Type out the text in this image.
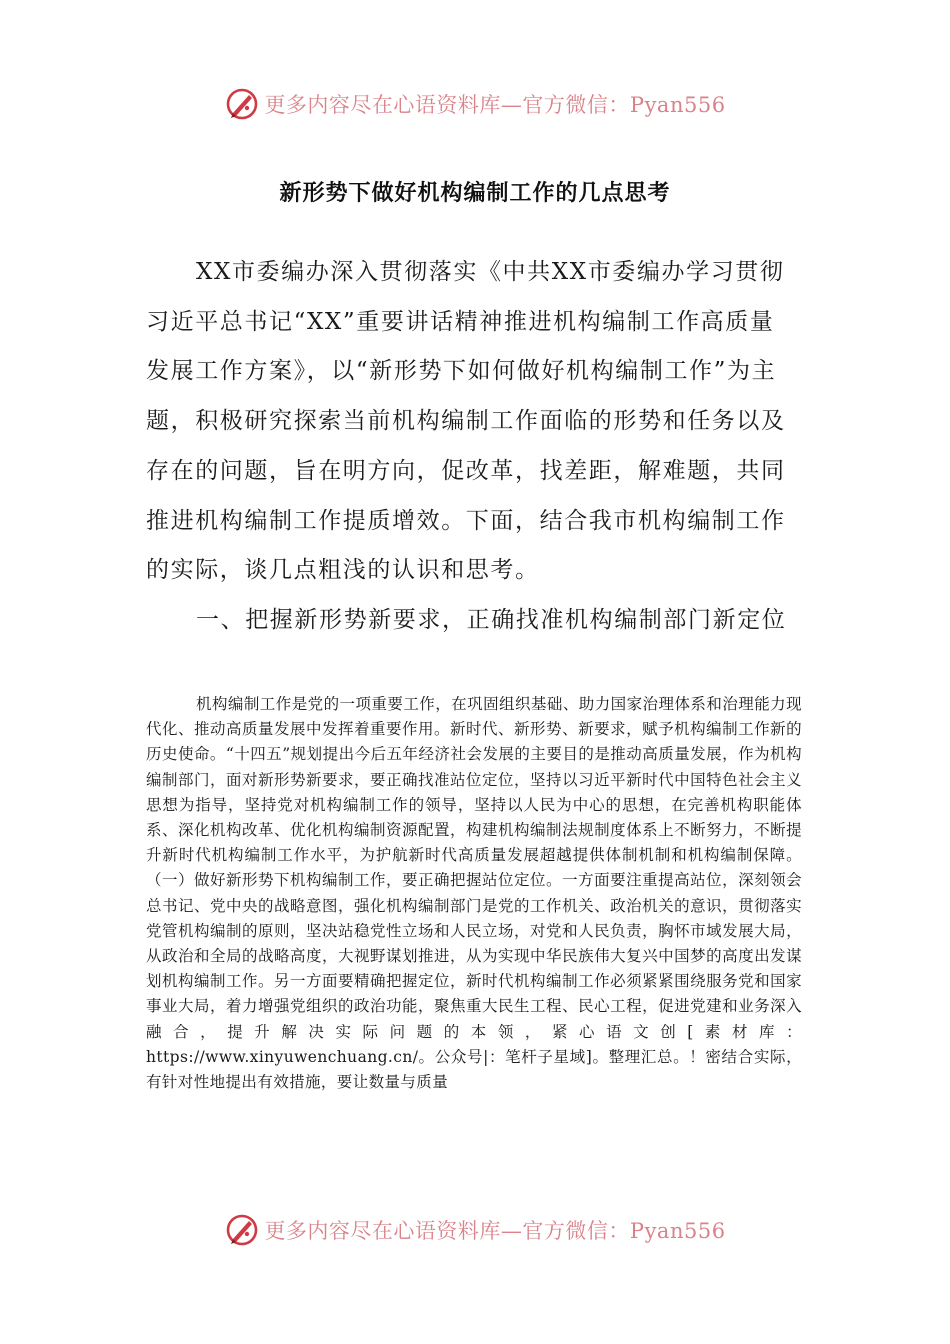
更多内容尽在心语资料库—官方微信：Pyan556
新形势下做好机构编制工作的几点思考

XX市委编办深入贯彻落实《中共XX市委编办学习贯彻习近平总书记“XX”重要讲话精神推进机构编制工作高质量发展工作方案》，以“新形势下如何做好机构编制工作”为主题，积极研究探索当前机构编制工作面临的形势和任务以及存在的问题，旨在明方向，促改革，找差距，解难题，共同推进机构编制工作提质增效。下面，结合我市机构编制工作的实际，谈几点粗浅的认识和思考。

一、把握新形势新要求，正确找准机构编制部门新定位

机构编制工作是党的一项重要工作，在巩固组织基础、助力国家治理体系和治理能力现代化、推动高质量发展中发挥着重要作用。新时代、新形势、新要求，赋予机构编制工作新的历史使命。“十四五”规划提出今后五年经济社会发展的主要目的是推动高质量发展，作为机构编制部门，面对新形势新要求，要正确找准站位定位，坚持以习近平新时代中国特色社会主义思想为指导，坚持党对机构编制工作的领导，坚持以人民为中心的思想，在完善机构职能体系、深化机构改革、优化机构编制资源配置，构建机构编制法规制度体系上不断努力，不断提升新时代机构编制工作水平，为护航新时代高质量发展超越提供体制机制和机构编制保障。（一）做好新形势下机构编制工作，要正确把握站位定位。一方面要注重提高站位，深刻领会总书记、党中央的战略意图，强化机构编制部门是党的工作机关、政治机关的意识，贯彻落实党管机构编制的原则，坚决站稳党性立场和人民立场，对党和人民负责，胸怀市域发展大局，从政治和全局的战略高度，大视野谋划推进，从为实现中华民族伟大复兴中国梦的高度出发谋划机构编制工作。另一方面要精确把握定位，新时代机构编制工作必须紧紧围绕服务党和国家事业大局，着力增强党组织的政治功能，聚焦重大民生工程、民心工程，促进党建和业务深入融合，提升解决实际问题的本领，紧心语文创[素材库：https://www.xinyuwenchuang.cn/。公众号|：笔杆子星域]。整理汇总。！密结合实际，有针对性地提出有效措施，要让数量与质量

更多内容尽在心语资料库—官方微信：Pyan556
